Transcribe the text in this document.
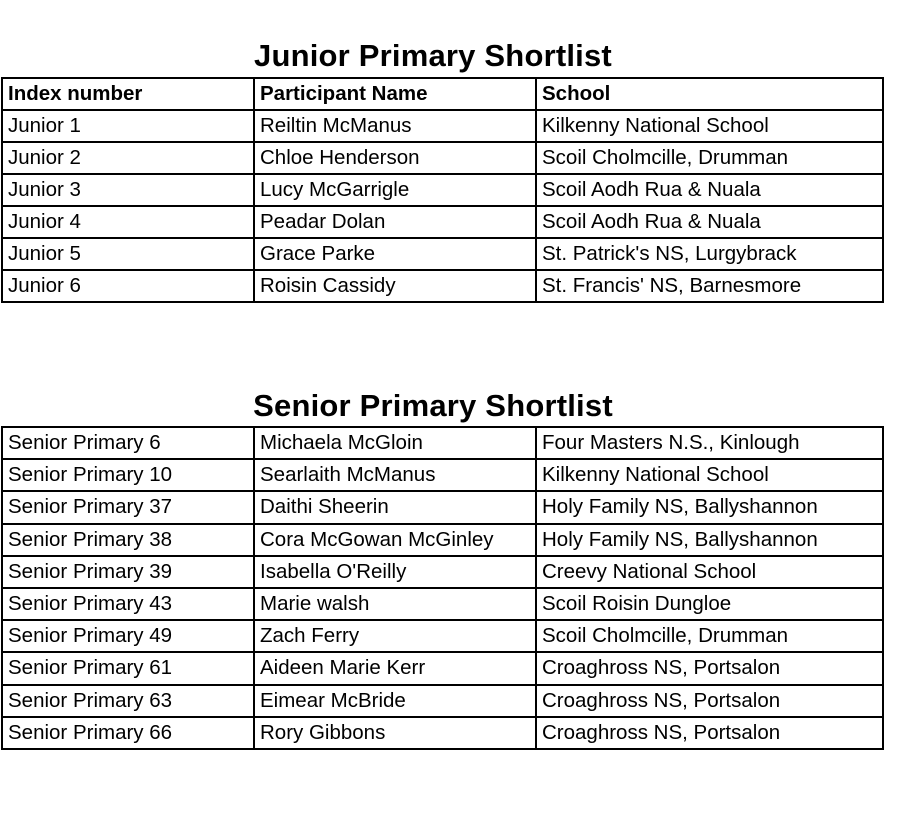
Junior Primary Shortlist
Index number	Participant Name	School
Junior 1	Reiltin McManus	Kilkenny National School
Junior 2	Chloe Henderson	Scoil Cholmcille, Drumman
Junior 3	Lucy McGarrigle	Scoil Aodh Rua & Nuala
Junior 4	Peadar Dolan	Scoil Aodh Rua & Nuala
Junior 5	Grace Parke	St. Patrick's NS, Lurgybrack
Junior 6	Roisin Cassidy	St. Francis' NS, Barnesmore
Senior Primary Shortlist
Senior Primary 6	Michaela McGloin	Four Masters N.S., Kinlough
Senior Primary 10	Searlaith McManus	Kilkenny National School
Senior Primary 37	Daithi Sheerin	Holy Family NS, Ballyshannon
Senior Primary 38	Cora McGowan McGinley	Holy Family NS, Ballyshannon
Senior Primary 39	Isabella O'Reilly	Creevy National School
Senior Primary 43	Marie walsh	Scoil Roisin Dungloe
Senior Primary 49	Zach Ferry	Scoil Cholmcille, Drumman
Senior Primary 61	Aideen Marie Kerr	Croaghross NS, Portsalon
Senior Primary 63	Eimear McBride	Croaghross NS, Portsalon
Senior Primary 66	Rory Gibbons	Croaghross NS, Portsalon
